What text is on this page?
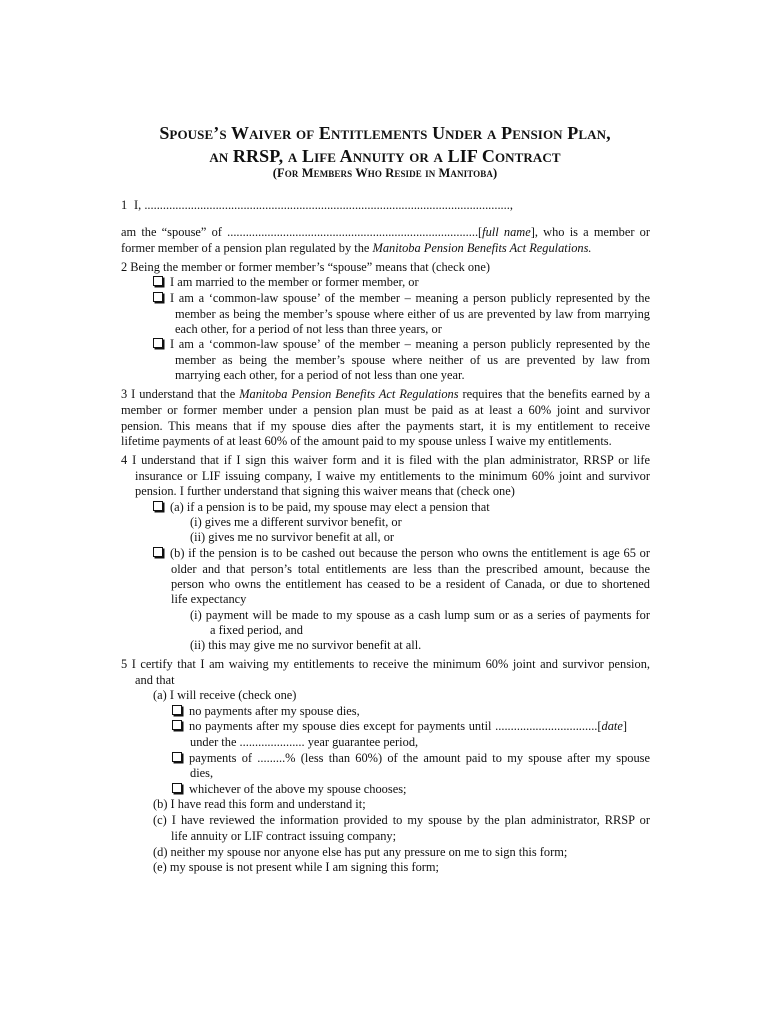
Spouse’s Waiver of Entitlements Under a Pension Plan,
an RRSP, a Life Annuity or a LIF Contract
(For Members Who Reside in Manitoba)
1 I, ......................................................................................................................,
am the “spouse” of .................................................................................[full name], who is a member or
former member of a pension plan regulated by the Manitoba Pension Benefits Act Regulations.
2 Being the member or former member’s “spouse” means that (check one)
I am married to the member or former member, or
I am a ‘common-law spouse’ of the member – meaning a person publicly represented by the
member as being the member’s spouse where either of us are prevented by law from marrying
each other, for a period of not less than three years, or
I am a ‘common-law spouse’ of the member – meaning a person publicly represented by the
member as being the member’s spouse where neither of us are prevented by law from
marrying each other, for a period of not less than one year.
3 I understand that the Manitoba Pension Benefits Act Regulations requires that the benefits earned by a
member or former member under a pension plan must be paid as at least a 60% joint and survivor
pension. This means that if my spouse dies after the payments start, it is my entitlement to receive
lifetime payments of at least 60% of the amount paid to my spouse unless I waive my entitlements.
4 I understand that if I sign this waiver form and it is filed with the plan administrator, RRSP or life
insurance or LIF issuing company, I waive my entitlements to the minimum 60% joint and survivor
pension. I further understand that signing this waiver means that (check one)
(a) if a pension is to be paid, my spouse may elect a pension that
(i) gives me a different survivor benefit, or
(ii) gives me no survivor benefit at all, or
(b) if the pension is to be cashed out because the person who owns the entitlement is age 65 or
older and that person’s total entitlements are less than the prescribed amount, because the
person who owns the entitlement has ceased to be a resident of Canada, or due to shortened
life expectancy
(i) payment will be made to my spouse as a cash lump sum or as a series of payments for
a fixed period, and
(ii) this may give me no survivor benefit at all.
5 I certify that I am waiving my entitlements to receive the minimum 60% joint and survivor pension,
and that
(a) I will receive (check one)
no payments after my spouse dies,
no payments after my spouse dies except for payments until .................................[date]
under the ..................... year guarantee period,
payments of .........% (less than 60%) of the amount paid to my spouse after my spouse
dies,
whichever of the above my spouse chooses;
(b) I have read this form and understand it;
(c) I have reviewed the information provided to my spouse by the plan administrator, RRSP or
life annuity or LIF contract issuing company;
(d) neither my spouse nor anyone else has put any pressure on me to sign this form;
(e) my spouse is not present while I am signing this form;
